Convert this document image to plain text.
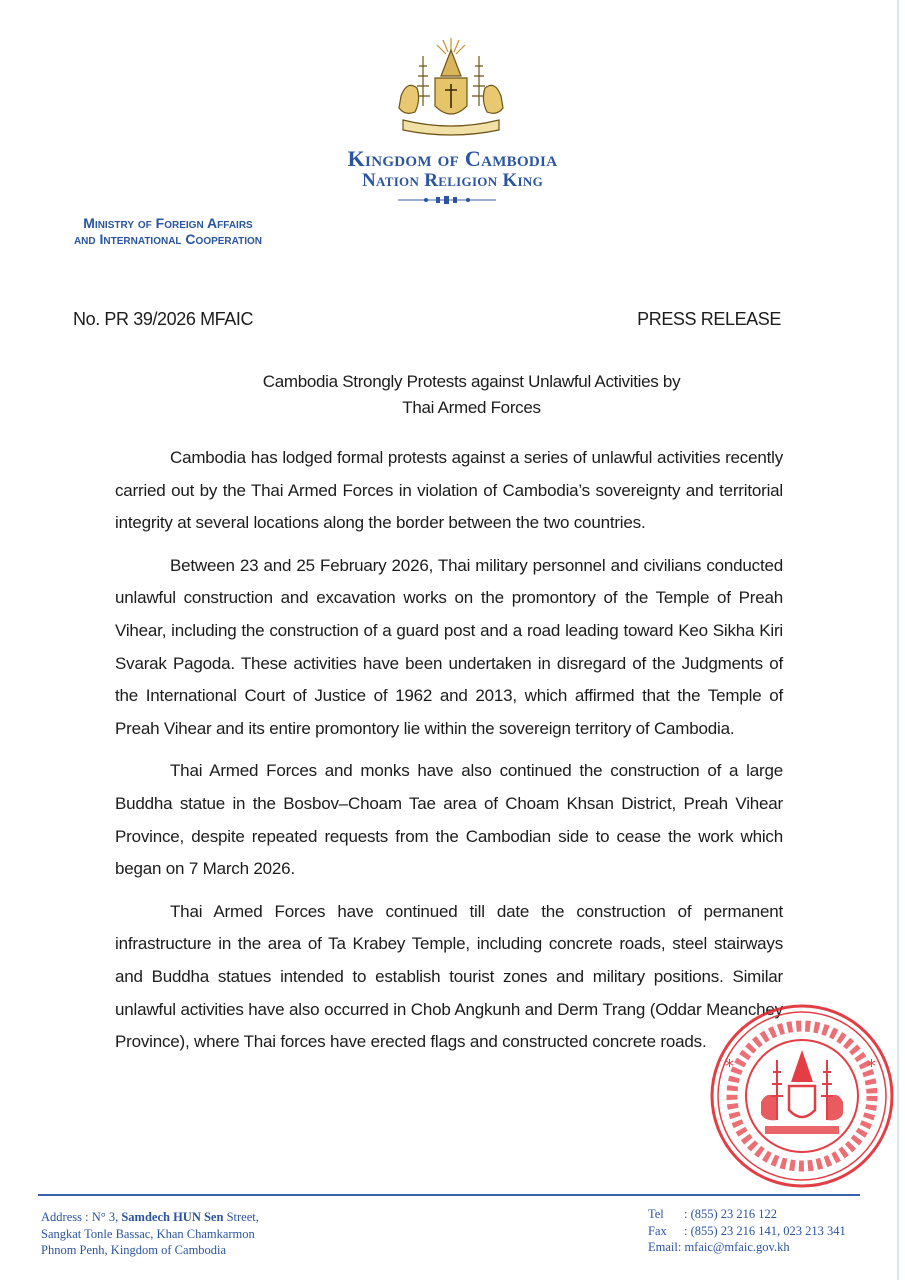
Kingdom of Cambodia
Nation Religion King
Ministry of Foreign Affairs
and International Cooperation
No. PR 39/2026 MFAIC	PRESS RELEASE
Cambodia Strongly Protests against Unlawful Activities by
Thai Armed Forces

Cambodia has lodged formal protests against a series of unlawful activities recently carried out by the Thai Armed Forces in violation of Cambodia’s sovereignty and territorial integrity at several locations along the border between the two countries.

Between 23 and 25 February 2026, Thai military personnel and civilians conducted unlawful construction and excavation works on the promontory of the Temple of Preah Vihear, including the construction of a guard post and a road leading toward Keo Sikha Kiri Svarak Pagoda. These activities have been undertaken in disregard of the Judgments of the International Court of Justice of 1962 and 2013, which affirmed that the Temple of Preah Vihear and its entire promontory lie within the sovereign territory of Cambodia.

Thai Armed Forces and monks have also continued the construction of a large Buddha statue in the Bosbov–Choam Tae area of Choam Khsan District, Preah Vihear Province, despite repeated requests from the Cambodian side to cease the work which began on 7 March 2026.

Thai Armed Forces have continued till date the construction of permanent infrastructure in the area of Ta Krabey Temple, including concrete roads, steel stairways and Buddha statues intended to establish tourist zones and military positions. Similar unlawful activities have also occurred in Chob Angkunh and Derm Trang (Oddar Meanchey Province), where Thai forces have erected flags and constructed concrete roads.

*	*
Address : N° 3, Samdech HUN Sen Street,
Sangkat Tonle Bassac, Khan Chamkarmon
Phnom Penh, Kingdom of Cambodia
Tel	: (855) 23 216 122
Fax	: (855) 23 216 141, 023 213 341
Email : mfaic@mfaic.gov.kh
